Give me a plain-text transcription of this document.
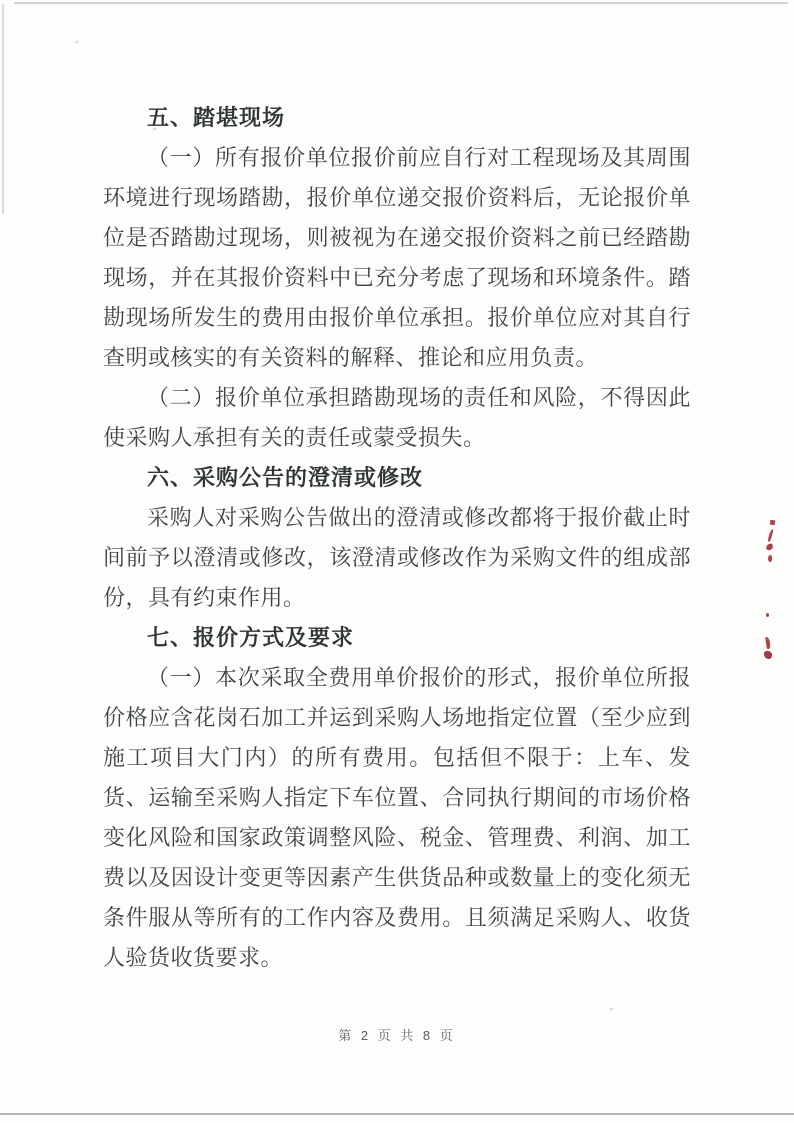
五、踏堪现场

（一）所有报价单位报价前应自行对工程现场及其周围环境进行现场踏勘，报价单位递交报价资料后，无论报价单位是否踏勘过现场，则被视为在递交报价资料之前已经踏勘现场，并在其报价资料中已充分考虑了现场和环境条件。踏勘现场所发生的费用由报价单位承担。报价单位应对其自行查明或核实的有关资料的解释、推论和应用负责。

（二）报价单位承担踏勘现场的责任和风险，不得因此使采购人承担有关的责任或蒙受损失。

六、采购公告的澄清或修改

采购人对采购公告做出的澄清或修改都将于报价截止时间前予以澄清或修改，该澄清或修改作为采购文件的组成部份，具有约束作用。

七、报价方式及要求

（一）本次采取全费用单价报价的形式，报价单位所报价格应含花岗石加工并运到采购人场地指定位置（至少应到施工项目大门内）的所有费用。包括但不限于：上车、发货、运输至采购人指定下车位置、合同执行期间的市场价格变化风险和国家政策调整风险、税金、管理费、利润、加工费以及因设计变更等因素产生供货品种或数量上的变化须无条件服从等所有的工作内容及费用。且须满足采购人、收货人验货收货要求。

第 2 页 共 8 页
